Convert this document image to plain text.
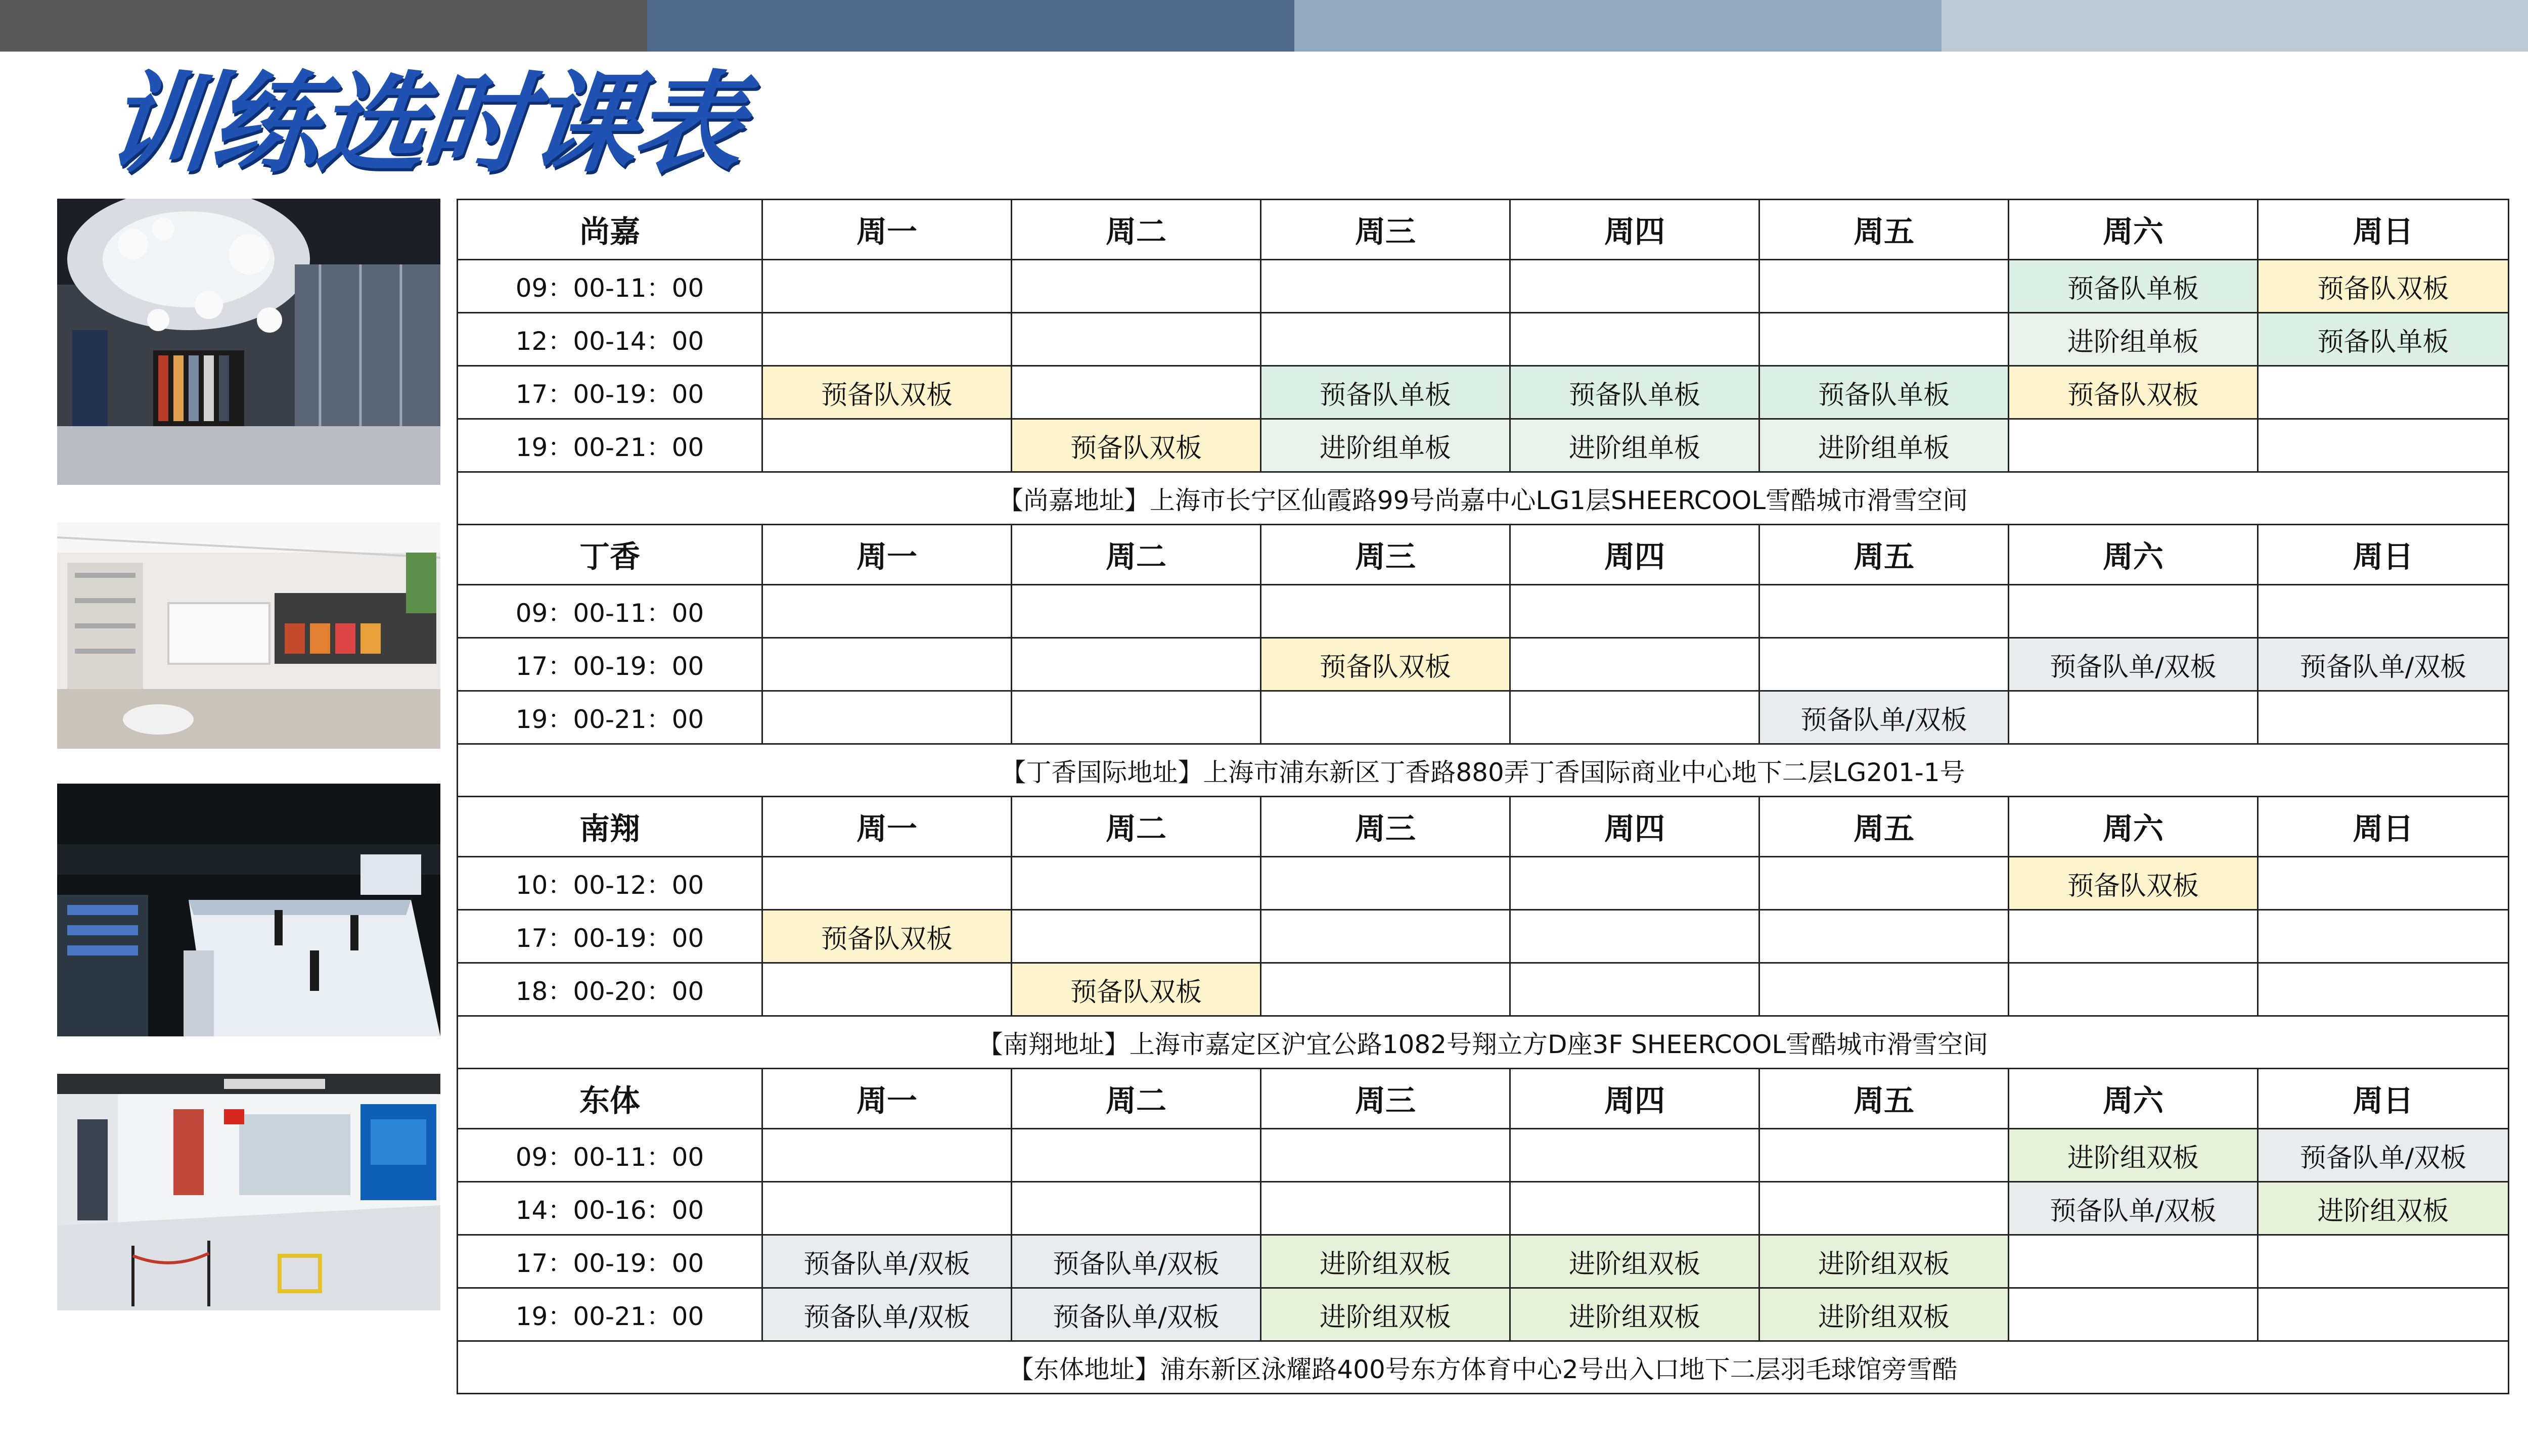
训练选时课表
尚嘉	周一	周二	周三	周四	周五	周六	周日
09：00-11：00						预备队单板	预备队双板
12：00-14：00						进阶组单板	预备队单板
17：00-19：00	预备队双板		预备队单板	预备队单板	预备队单板	预备队双板	
19：00-21：00		预备队双板	进阶组单板	进阶组单板	进阶组单板		
【尚嘉地址】上海市长宁区仙霞路99号尚嘉中心LG1层SHEERCOOL雪酷城市滑雪空间							
丁香	周一	周二	周三	周四	周五	周六	周日
09：00-11：00							
17：00-19：00			预备队双板			预备队单/双板	预备队单/双板
19：00-21：00					预备队单/双板		
【丁香国际地址】上海市浦东新区丁香路880弄丁香国际商业中心地下二层LG201-1号							
南翔	周一	周二	周三	周四	周五	周六	周日
10：00-12：00						预备队双板	
17：00-19：00	预备队双板						
18：00-20：00		预备队双板					
【南翔地址】上海市嘉定区沪宜公路1082号翔立方D座3F SHEERCOOL雪酷城市滑雪空间							
东体	周一	周二	周三	周四	周五	周六	周日
09：00-11：00						进阶组双板	预备队单/双板
14：00-16：00						预备队单/双板	进阶组双板
17：00-19：00	预备队单/双板	预备队单/双板	进阶组双板	进阶组双板	进阶组双板		
19：00-21：00	预备队单/双板	预备队单/双板	进阶组双板	进阶组双板	进阶组双板		
【东体地址】浦东新区泳耀路400号东方体育中心2号出入口地下二层羽毛球馆旁雪酷							
